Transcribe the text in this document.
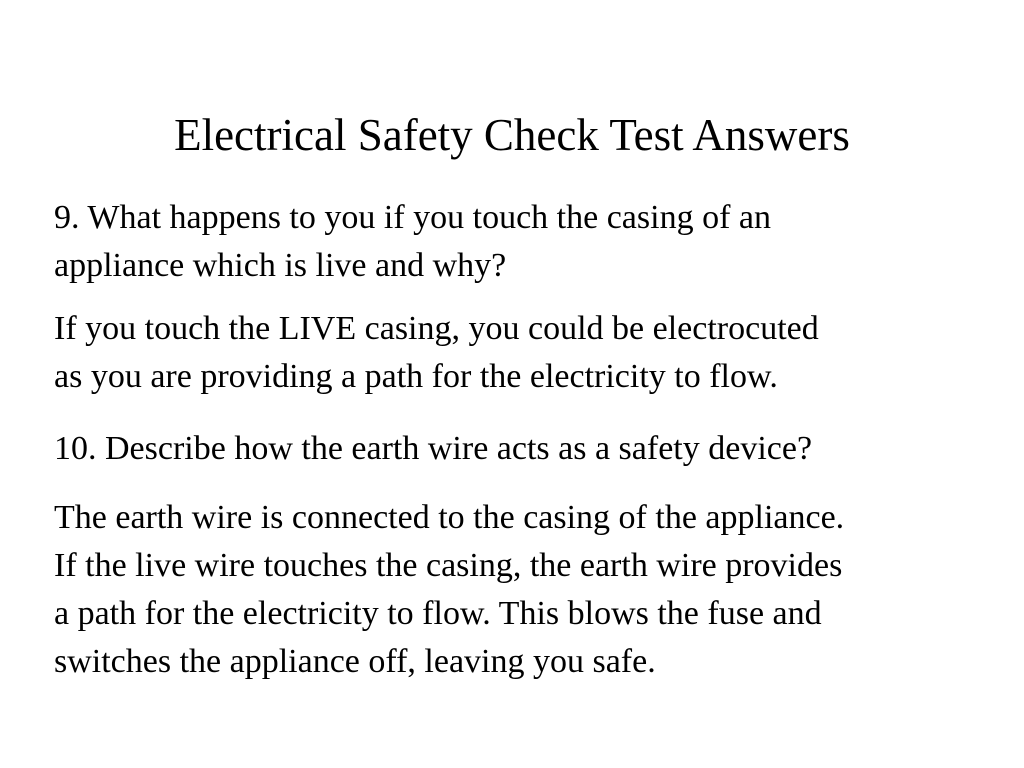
Electrical Safety Check Test Answers

9. What happens to you if you touch the casing of an
appliance which is live and why?

If you touch the LIVE casing, you could be electrocuted
as you are providing a path for the electricity to flow.

10. Describe how the earth wire acts as a safety device?

The earth wire is connected to the casing of the appliance.
If the live wire touches the casing, the earth wire provides
a path for the electricity to flow. This blows the fuse and
switches the appliance off, leaving you safe.
